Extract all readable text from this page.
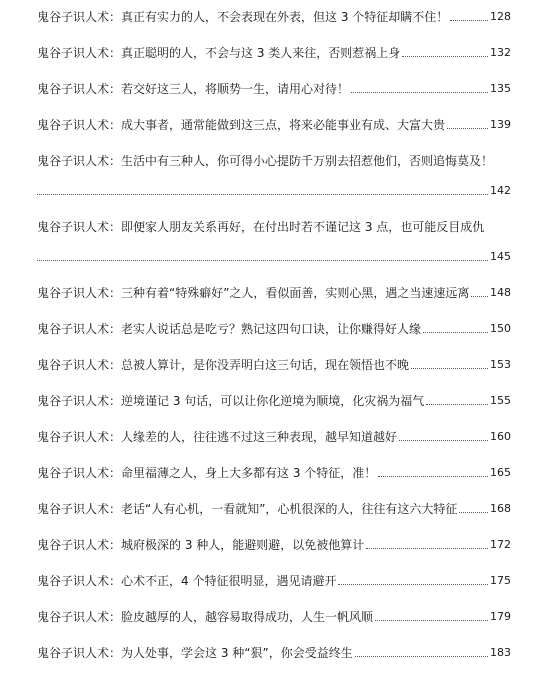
鬼谷子识人术：真正有实力的人，不会表现在外表，但这 3 个特征却瞒不住！	128
鬼谷子识人术：真正聪明的人，不会与这 3 类人来往，否则惹祸上身	132
鬼谷子识人术：若交好这三人，将顺势一生，请用心对待！	135
鬼谷子识人术：成大事者，通常能做到这三点，将来必能事业有成、大富大贵	139
鬼谷子识人术：生活中有三种人，你可得小心提防千万别去招惹他们，否则追悔莫及！
142
鬼谷子识人术：即便家人朋友关系再好，在付出时若不谨记这 3 点，也可能反目成仇
145
鬼谷子识人术：三种有着“特殊癖好”之人，看似面善，实则心黑，遇之当速速远离 148
鬼谷子识人术：老实人说话总是吃亏？熟记这四句口诀，让你赚得好人缘	150
鬼谷子识人术：总被人算计，是你没弄明白这三句话，现在领悟也不晚	153
鬼谷子识人术：逆境谨记 3 句话，可以让你化逆境为顺境，化灾祸为福气	155
鬼谷子识人术：人缘差的人，往往逃不过这三种表现，越早知道越好	160
鬼谷子识人术：命里福薄之人，身上大多都有这 3 个特征，准！	165
鬼谷子识人术：老话“人有心机，一看就知”，心机很深的人，往往有这六大特征	168
鬼谷子识人术：城府极深的 3 种人，能避则避，以免被他算计	172
鬼谷子识人术：心术不正，4 个特征很明显，遇见请避开	175
鬼谷子识人术：脸皮越厚的人，越容易取得成功，人生一帆风顺	179
鬼谷子识人术：为人处事，学会这 3 种“狠”，你会受益终生	183
